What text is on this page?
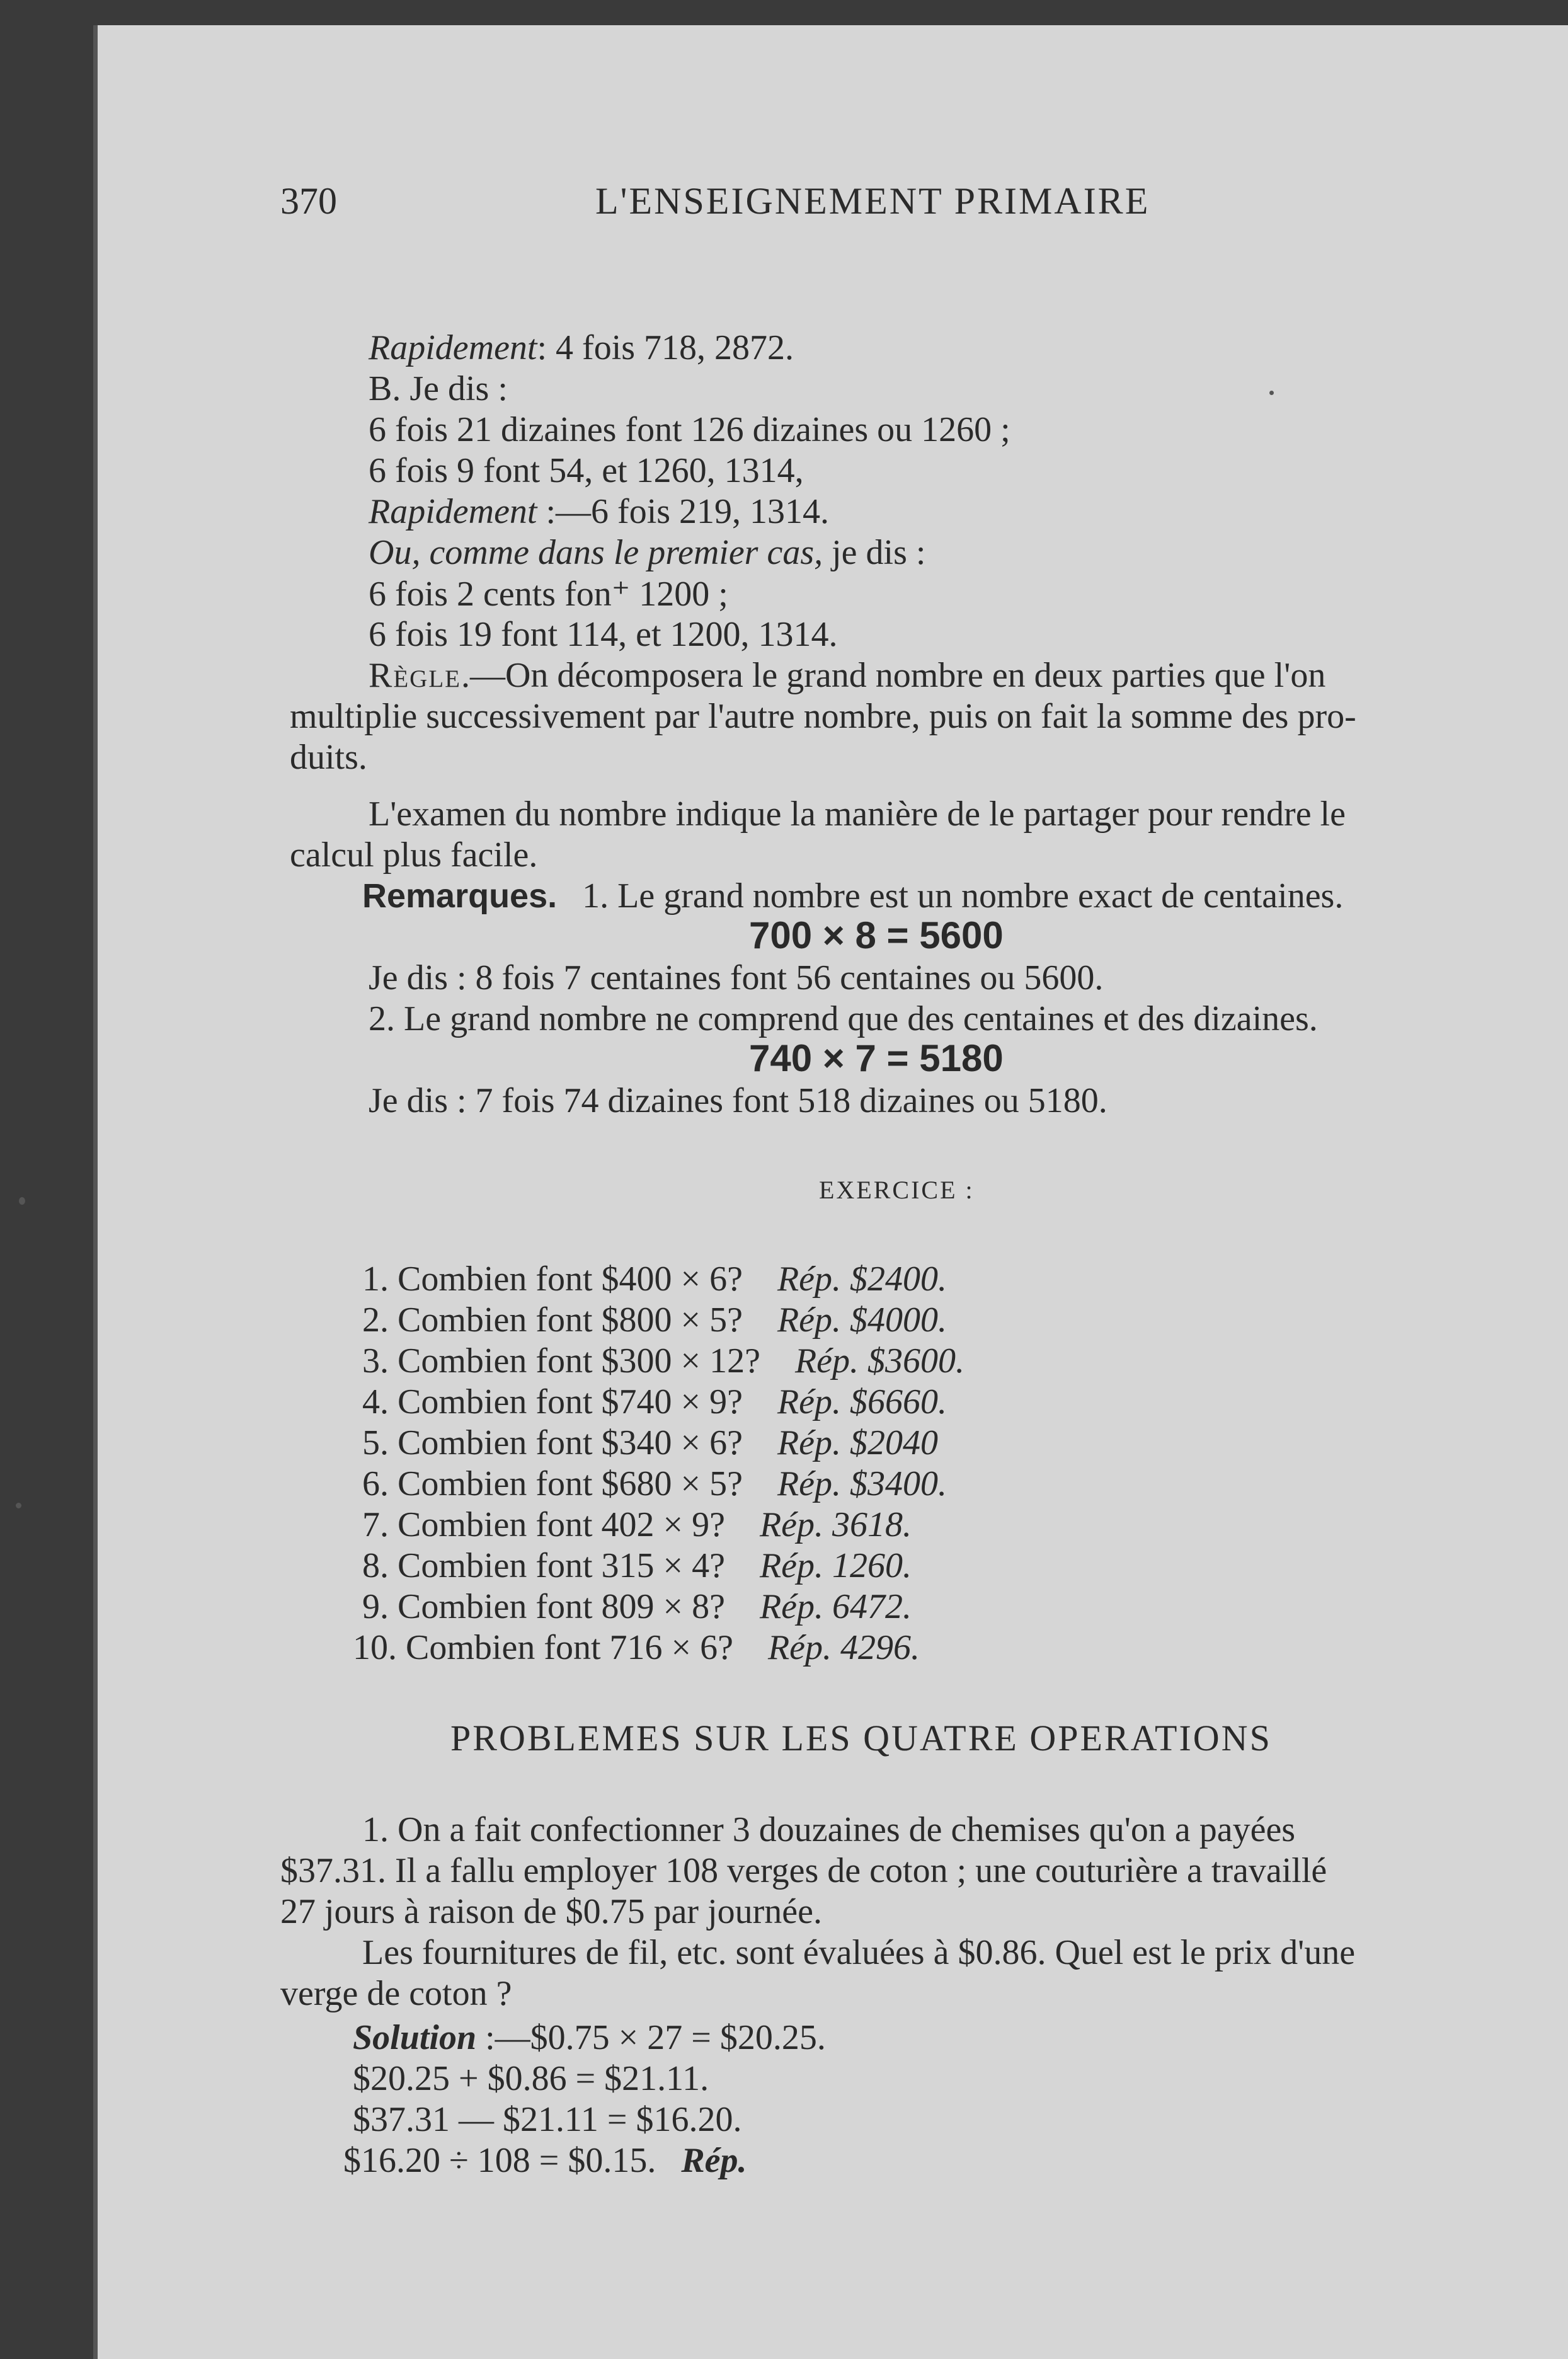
370	L'ENSEIGNEMENT PRIMAIRE
Rapidement: 4 fois 718, 2872.
B. Je dis :
6 fois 21 dizaines font 126 dizaines ou 1260 ;
6 fois 9 font 54, et 1260, 1314,
Rapidement :—6 fois 219, 1314.
Ou, comme dans le premier cas, je dis :
6 fois 2 cents fon⁺ 1200 ;
6 fois 19 font 114, et 1200, 1314.
Règle.—On décomposera le grand nombre en deux parties que l'on
multiplie successivement par l'autre nombre, puis on fait la somme des pro-
duits.
L'examen du nombre indique la manière de le partager pour rendre le
calcul plus facile.
Remarques. 1. Le grand nombre est un nombre exact de centaines.
700 × 8 = 5600
Je dis : 8 fois 7 centaines font 56 centaines ou 5600.
2. Le grand nombre ne comprend que des centaines et des dizaines.
740 × 7 = 5180
Je dis : 7 fois 74 dizaines font 518 dizaines ou 5180.
EXERCICE :
1. Combien font $400 × 6? Rép. $2400.
2. Combien font $800 × 5? Rép. $4000.
3. Combien font $300 × 12? Rép. $3600.
4. Combien font $740 × 9? Rép. $6660.
5. Combien font $340 × 6? Rép. $2040
6. Combien font $680 × 5? Rép. $3400.
7. Combien font 402 × 9? Rép. 3618.
8. Combien font 315 × 4? Rép. 1260.
9. Combien font 809 × 8? Rép. 6472.
10. Combien font 716 × 6? Rép. 4296.
PROBLEMES SUR LES QUATRE OPERATIONS
1. On a fait confectionner 3 douzaines de chemises qu'on a payées
$37.31. Il a fallu employer 108 verges de coton ; une couturière a travaillé
27 jours à raison de $0.75 par journée.
Les fournitures de fil, etc. sont évaluées à $0.86. Quel est le prix d'une
verge de coton ?
Solution :—$0.75 × 27 = $20.25.
$20.25 + $0.86 = $21.11.
$37.31 — $21.11 = $16.20.
$16.20 ÷ 108 = $0.15. Rép.
